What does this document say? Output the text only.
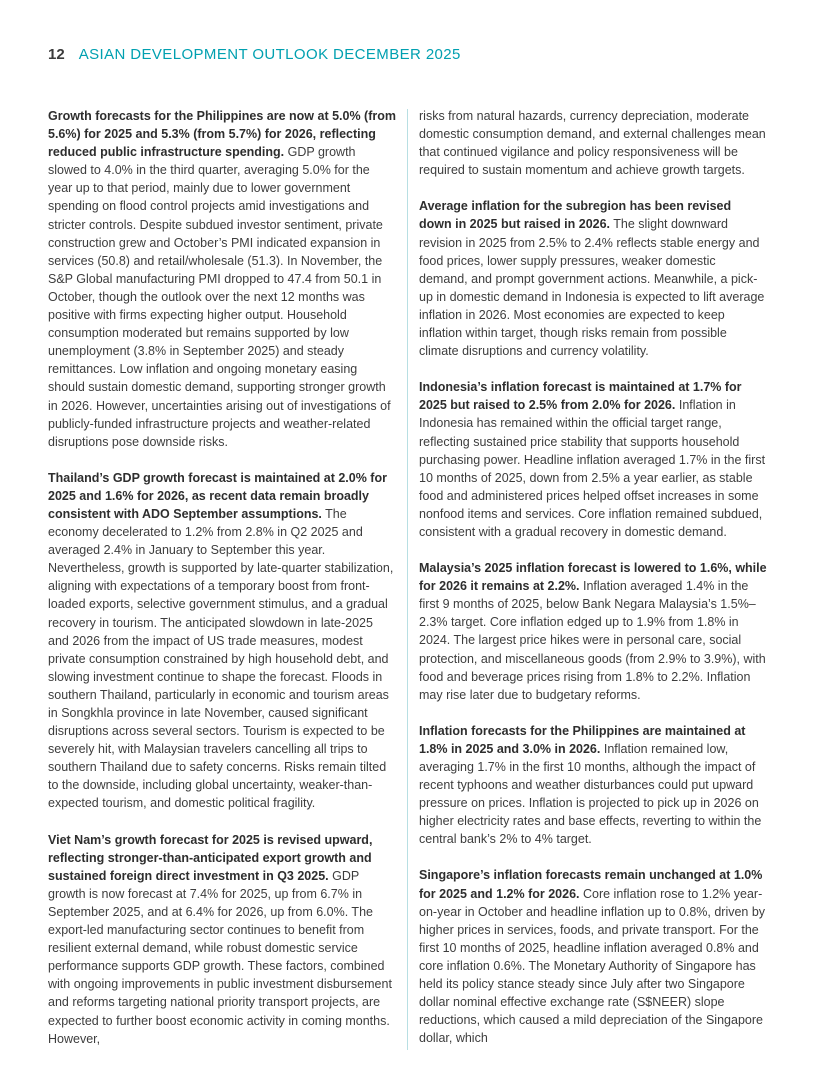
12 ASIAN DEVELOPMENT OUTLOOK DECEMBER 2025

Growth forecasts for the Philippines are now at 5.0% (from 5.6%) for 2025 and 5.3% (from 5.7%) for 2026, reflecting reduced public infrastructure spending. GDP growth slowed to 4.0% in the third quarter, averaging 5.0% for the year up to that period, mainly due to lower government spending on flood control projects amid investigations and stricter controls. Despite subdued investor sentiment, private construction grew and October’s PMI indicated expansion in services (50.8) and retail/wholesale (51.3). In November, the S&P Global manufacturing PMI dropped to 47.4 from 50.1 in October, though the outlook over the next 12 months was positive with firms expecting higher output. Household consumption moderated but remains supported by low unemployment (3.8% in September 2025) and steady remittances. Low inflation and ongoing monetary easing should sustain domestic demand, supporting stronger growth in 2026. However, uncertainties arising out of investigations of publicly-funded infrastructure projects and weather-related disruptions pose downside risks.

Thailand’s GDP growth forecast is maintained at 2.0% for 2025 and 1.6% for 2026, as recent data remain broadly consistent with ADO September assumptions. The economy decelerated to 1.2% from 2.8% in Q2 2025 and averaged 2.4% in January to September this year. Nevertheless, growth is supported by late-quarter stabilization, aligning with expectations of a temporary boost from front-loaded exports, selective government stimulus, and a gradual recovery in tourism. The anticipated slowdown in late-2025 and 2026 from the impact of US trade measures, modest private consumption constrained by high household debt, and slowing investment continue to shape the forecast. Floods in southern Thailand, particularly in economic and tourism areas in Songkhla province in late November, caused significant disruptions across several sectors. Tourism is expected to be severely hit, with Malaysian travelers cancelling all trips to southern Thailand due to safety concerns. Risks remain tilted to the downside, including global uncertainty, weaker-than-expected tourism, and domestic political fragility.

Viet Nam’s growth forecast for 2025 is revised upward, reflecting stronger-than-anticipated export growth and sustained foreign direct investment in Q3 2025. GDP growth is now forecast at 7.4% for 2025, up from 6.7% in September 2025, and at 6.4% for 2026, up from 6.0%. The export-led manufacturing sector continues to benefit from resilient external demand, while robust domestic service performance supports GDP growth. These factors, combined with ongoing improvements in public investment disbursement and reforms targeting national priority transport projects, are expected to further boost economic activity in coming months. However,

risks from natural hazards, currency depreciation, moderate domestic consumption demand, and external challenges mean that continued vigilance and policy responsiveness will be required to sustain momentum and achieve growth targets.

Average inflation for the subregion has been revised down in 2025 but raised in 2026. The slight downward revision in 2025 from 2.5% to 2.4% reflects stable energy and food prices, lower supply pressures, weaker domestic demand, and prompt government actions. Meanwhile, a pick-up in domestic demand in Indonesia is expected to lift average inflation in 2026. Most economies are expected to keep inflation within target, though risks remain from possible climate disruptions and currency volatility.

Indonesia’s inflation forecast is maintained at 1.7% for 2025 but raised to 2.5% from 2.0% for 2026. Inflation in Indonesia has remained within the official target range, reflecting sustained price stability that supports household purchasing power. Headline inflation averaged 1.7% in the first 10 months of 2025, down from 2.5% a year earlier, as stable food and administered prices helped offset increases in some nonfood items and services. Core inflation remained subdued, consistent with a gradual recovery in domestic demand.

Malaysia’s 2025 inflation forecast is lowered to 1.6%, while for 2026 it remains at 2.2%. Inflation averaged 1.4% in the first 9 months of 2025, below Bank Negara Malaysia’s 1.5%–2.3% target. Core inflation edged up to 1.9% from 1.8% in 2024. The largest price hikes were in personal care, social protection, and miscellaneous goods (from 2.9% to 3.9%), with food and beverage prices rising from 1.8% to 2.2%. Inflation may rise later due to budgetary reforms.

Inflation forecasts for the Philippines are maintained at 1.8% in 2025 and 3.0% in 2026. Inflation remained low, averaging 1.7% in the first 10 months, although the impact of recent typhoons and weather disturbances could put upward pressure on prices. Inflation is projected to pick up in 2026 on higher electricity rates and base effects, reverting to within the central bank’s 2% to 4% target.

Singapore’s inflation forecasts remain unchanged at 1.0% for 2025 and 1.2% for 2026. Core inflation rose to 1.2% year-on-year in October and headline inflation up to 0.8%, driven by higher prices in services, foods, and private transport. For the first 10 months of 2025, headline inflation averaged 0.8% and core inflation 0.6%. The Monetary Authority of Singapore has held its policy stance steady since July after two Singapore dollar nominal effective exchange rate (S$NEER) slope reductions, which caused a mild depreciation of the Singapore dollar, which
